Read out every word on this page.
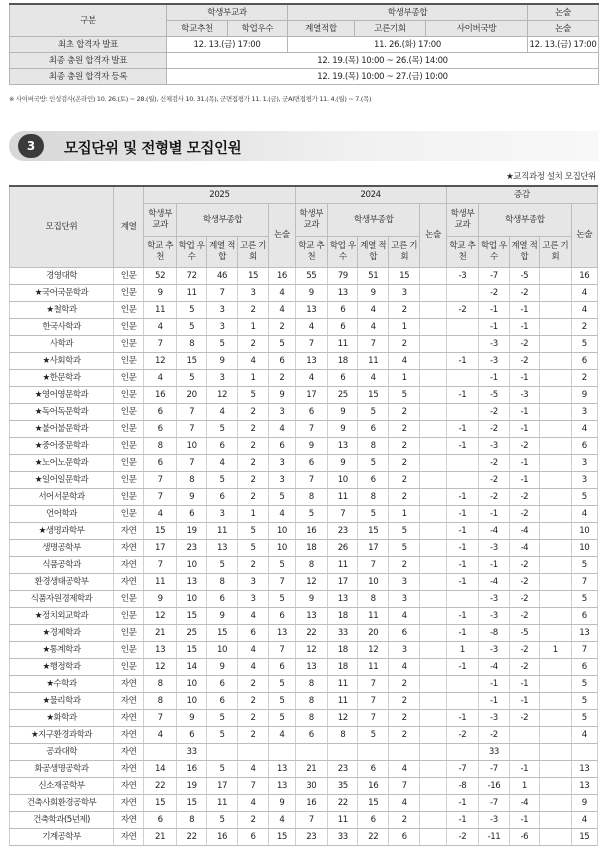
구분	학생부교과		학생부종합			논술
	학교추천	학업우수	계열적합	고른기회	사이버국방	논술
최초 합격자 발표	12. 13.(금) 17:00		11. 26.(화) 17:00			12. 13.(금) 17:00
최종 충원 합격자 발표	12. 19.(목) 10:00 ~ 26.(목) 14:00					
최종 충원 합격자 등록	12. 19.(목) 10:00 ~ 27.(금) 10:00					
※ 사이버국방: 인성검사(온라인) 10. 26.(토) ~ 28.(월), 신체검사 10. 31.(목), 군면접평가 11. 1.(금), 군AI면접평가 11. 4.(월) ~ 7.(목)
3	모집단위 및 전형별 모집인원
★교직과정 설치 모집단위
모집단위	계열	2025					2024					증감				
		학생부 교과	학생부종합			논술	학생부 교과	학생부종합			논술	학생부 교과	학생부종합			논술
		학교 추천	학업 우수	계열 적합	고른 기회		학교 추천	학업 우수	계열 적합	고른 기회		학교 추천	학업 우수	계열 적합	고른 기회	
경영대학	인문	52	72	46	15	16	55	79	51	15		-3	-7	-5		16
★국어국문학과	인문	9	11	7	3	4	9	13	9	3			-2	-2		4
★철학과	인문	11	5	3	2	4	13	6	4	2		-2	-1	-1		4
한국사학과	인문	4	5	3	1	2	4	6	4	1			-1	-1		2
사학과	인문	7	8	5	2	5	7	11	7	2			-3	-2		5
★사회학과	인문	12	15	9	4	6	13	18	11	4		-1	-3	-2		6
★한문학과	인문	4	5	3	1	2	4	6	4	1			-1	-1		2
★영어영문학과	인문	16	20	12	5	9	17	25	15	5		-1	-5	-3		9
★독어독문학과	인문	6	7	4	2	3	6	9	5	2			-2	-1		3
★불어불문학과	인문	6	7	5	2	4	7	9	6	2		-1	-2	-1		4
★중어중문학과	인문	8	10	6	2	6	9	13	8	2		-1	-3	-2		6
★노어노문학과	인문	6	7	4	2	3	6	9	5	2			-2	-1		3
★일어일문학과	인문	7	8	5	2	3	7	10	6	2			-2	-1		3
서어서문학과	인문	7	9	6	2	5	8	11	8	2		-1	-2	-2		5
언어학과	인문	4	6	3	1	4	5	7	5	1		-1	-1	-2		4
★생명과학부	자연	15	19	11	5	10	16	23	15	5		-1	-4	-4		10
생명공학부	자연	17	23	13	5	10	18	26	17	5		-1	-3	-4		10
식품공학과	자연	7	10	5	2	5	8	11	7	2		-1	-1	-2		5
환경생태공학부	자연	11	13	8	3	7	12	17	10	3		-1	-4	-2		7
식품자원경제학과	인문	9	10	6	3	5	9	13	8	3			-3	-2		5
★정치외교학과	인문	12	15	9	4	6	13	18	11	4		-1	-3	-2		6
★경제학과	인문	21	25	15	6	13	22	33	20	6		-1	-8	-5		13
★통계학과	인문	13	15	10	4	7	12	18	12	3		1	-3	-2	1	7
★행정학과	인문	12	14	9	4	6	13	18	11	4		-1	-4	-2		6
★수학과	자연	8	10	6	2	5	8	11	7	2			-1	-1		5
★물리학과	자연	8	10	6	2	5	8	11	7	2			-1	-1		5
★화학과	자연	7	9	5	2	5	8	12	7	2		-1	-3	-2		5
★지구환경과학과	자연	4	6	5	2	4	6	8	5	2		-2	-2			4
공과대학	자연		33										33			
화공생명공학과	자연	14	16	5	4	13	21	23	6	4		-7	-7	-1		13
신소재공학부	자연	22	19	17	7	13	30	35	16	7		-8	-16	1		13
건축사회환경공학부	자연	15	15	11	4	9	16	22	15	4		-1	-7	-4		9
건축학과(5년제)	자연	6	8	5	2	4	7	11	6	2		-1	-3	-1		4
기계공학부	자연	21	22	16	6	15	23	33	22	6		-2	-11	-6		15
